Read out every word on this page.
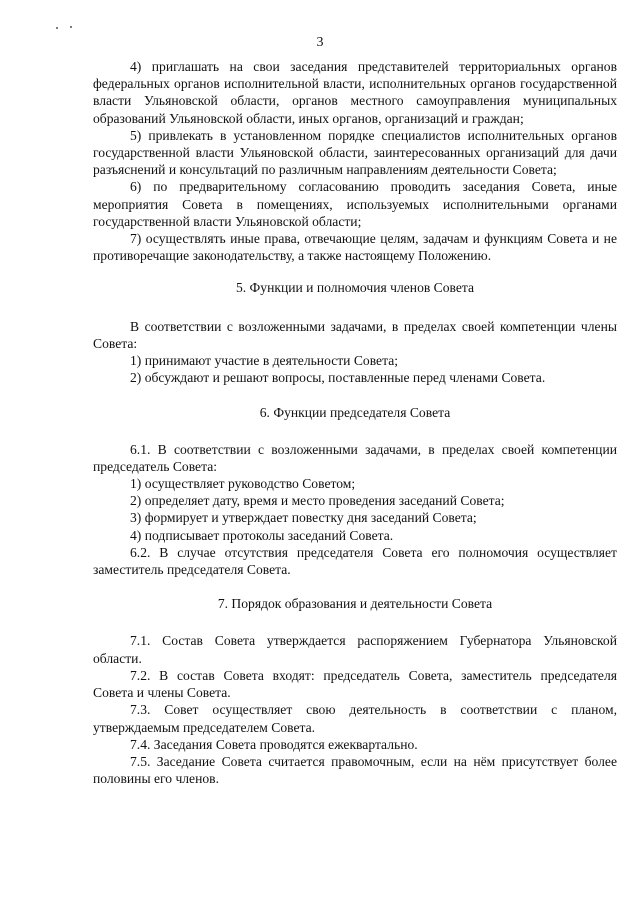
3

4) приглашать на свои заседания представителей территориальных органов федеральных органов исполнительной власти, исполнительных органов государственной власти Ульяновской области, органов местного самоуправления муниципальных образований Ульяновской области, иных органов, организаций и граждан;

5) привлекать в установленном порядке специалистов исполнительных органов государственной власти Ульяновской области, заинтересованных организаций для дачи разъяснений и консультаций по различным направлениям деятельности Совета;

6) по предварительному согласованию проводить заседания Совета, иные мероприятия Совета в помещениях, используемых исполнительными органами государственной власти Ульяновской области;

7) осуществлять иные права, отвечающие целям, задачам и функциям Совета и не противоречащие законодательству, а также настоящему Положению.

5. Функции и полномочия членов Совета

В соответствии с возложенными задачами, в пределах своей компетенции члены Совета:

1) принимают участие в деятельности Совета;

2) обсуждают и решают вопросы, поставленные перед членами Совета.

6. Функции председателя Совета

6.1. В соответствии с возложенными задачами, в пределах своей компетенции председатель Совета:

1) осуществляет руководство Советом;

2) определяет дату, время и место проведения заседаний Совета;

3) формирует и утверждает повестку дня заседаний Совета;

4) подписывает протоколы заседаний Совета.

6.2. В случае отсутствия председателя Совета его полномочия осуществляет заместитель председателя Совета.

7. Порядок образования и деятельности Совета

7.1. Состав Совета утверждается распоряжением Губернатора Ульяновской области.

7.2. В состав Совета входят: председатель Совета, заместитель председателя Совета и члены Совета.

7.3. Совет осуществляет свою деятельность в соответствии с планом, утверждаемым председателем Совета.

7.4. Заседания Совета проводятся ежеквартально.

7.5. Заседание Совета считается правомочным, если на нём присутствует более половины его членов.
